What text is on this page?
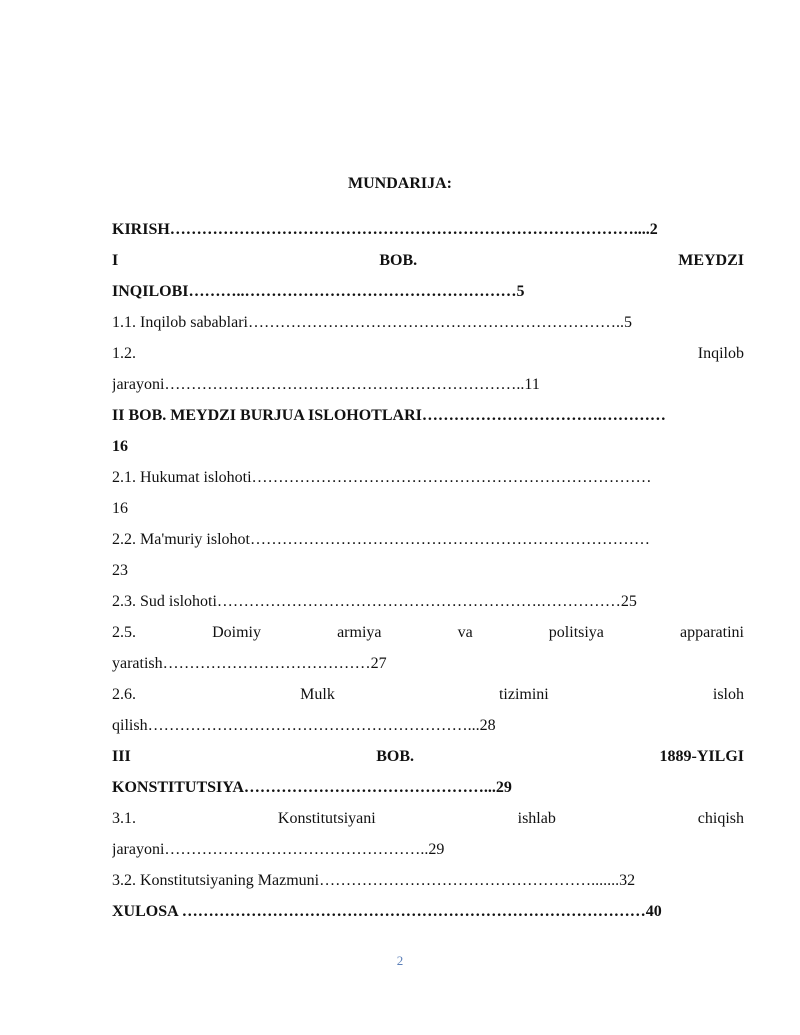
MUNDARIJA:
KIRISH……………………………………………………………………………....2
I	BOB.	MEYDZI
INQILOBI………..……………………………………………5
1.1. Inqilob sabablari……………………………………………………………..5
1.2.	Inqilob
jarayoni…………………………………………………………..11
II BOB. MEYDZI BURJUA ISLOHOTLARI…………………………….…………
16
2.1. Hukumat islohoti…………………………………………………………………
16
2.2. Ma'muriy islohot…………………………………………………………………
23
2.3. Sud islohoti…………………………………………………….……………25
2.5.	Doimiy	armiya	va	politsiya	apparatini
yaratish…………………………………27
2.6.	Mulk	tizimini	isloh
qilish……………………………………………………...28
III	BOB.	1889-YILGI
KONSTITUTSIYA………………………………………...29
3.1.	Konstitutsiyani	ishlab	chiqish
jarayoni…………………………………………..29
3.2. Konstitutsiyaning Mazmuni…………………………………………….......32
XULOSA ……………………………………………………………………………40
2
